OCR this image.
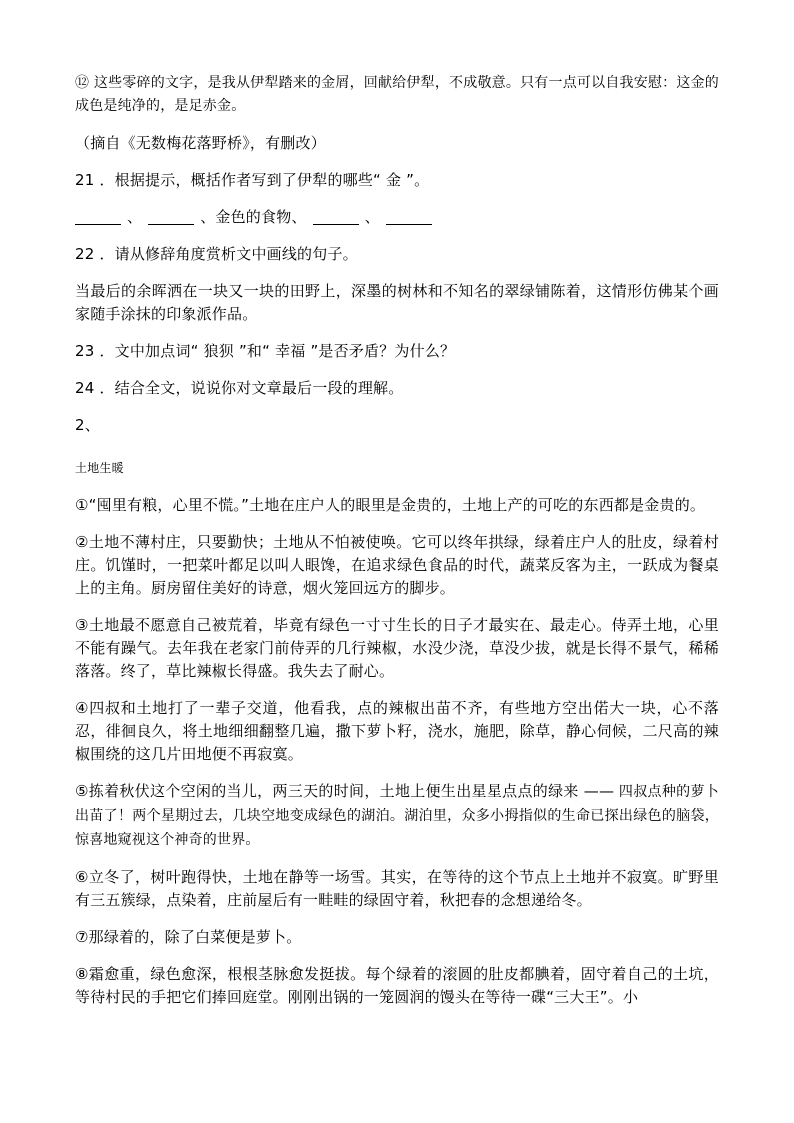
⑫ 这些零碎的文字，是我从伊犁踏来的金屑，回献给伊犁，不成敬意。只有一点可以自我安慰：这金的成色是纯净的，是足赤金。

（摘自《无数梅花落野桥》，有删改）

21 ．根据提示，概括作者写到了伊犁的哪些“ 金 ”。

、	、金色的食物、	、

22 ．请从修辞角度赏析文中画线的句子。

当最后的余晖洒在一块又一块的田野上，深墨的树林和不知名的翠绿铺陈着，这情形仿佛某个画家随手涂抹的印象派作品。

23 ．文中加点词“ 狼狈 ”和“ 幸福 ”是否矛盾？为什么？

24 ．结合全文，说说你对文章最后一段的理解。

2、

土地生暖

①“囤里有粮，心里不慌。”土地在庄户人的眼里是金贵的，土地上产的可吃的东西都是金贵的。

②土地不薄村庄，只要勤快；土地从不怕被使唤。它可以终年拱绿，绿着庄户人的肚皮，绿着村庄。饥馑时，一把菜叶都足以叫人眼馋，在追求绿色食品的时代，蔬菜反客为主，一跃成为餐桌上的主角。厨房留住美好的诗意，烟火笼回远方的脚步。

③土地最不愿意自己被荒着，毕竟有绿色一寸寸生长的日子才最实在、最走心。侍弄土地，心里不能有躁气。去年我在老家门前侍弄的几行辣椒，水没少浇，草没少拔，就是长得不景气，稀稀落落。终了，草比辣椒长得盛。我失去了耐心。

④四叔和土地打了一辈子交道，他看我，点的辣椒出苗不齐，有些地方空出偌大一块，心不落忍，徘徊良久，将土地细细翻整几遍，撒下萝卜籽，浇水，施肥，除草，静心伺候，二尺高的辣椒围绕的这几片田地便不再寂寞。

⑤拣着秋伏这个空闲的当儿，两三天的时间，土地上便生出星星点点的绿来 —— 四叔点种的萝卜出苗了！两个星期过去，几块空地变成绿色的湖泊。湖泊里，众多小拇指似的生命已探出绿色的脑袋，惊喜地窥视这个神奇的世界。

⑥立冬了，树叶跑得快，土地在静等一场雪。其实，在等待的这个节点上土地并不寂寞。旷野里有三五簇绿，点染着，庄前屋后有一畦畦的绿固守着，秋把春的念想递给冬。

⑦那绿着的，除了白菜便是萝卜。

⑧霜愈重，绿色愈深，根根茎脉愈发挺拔。每个绿着的滚圆的肚皮都腆着，固守着自己的土坑，等待村民的手把它们捧回庭堂。刚刚出锅的一笼圆润的馒头在等待一碟“三大王”。小
